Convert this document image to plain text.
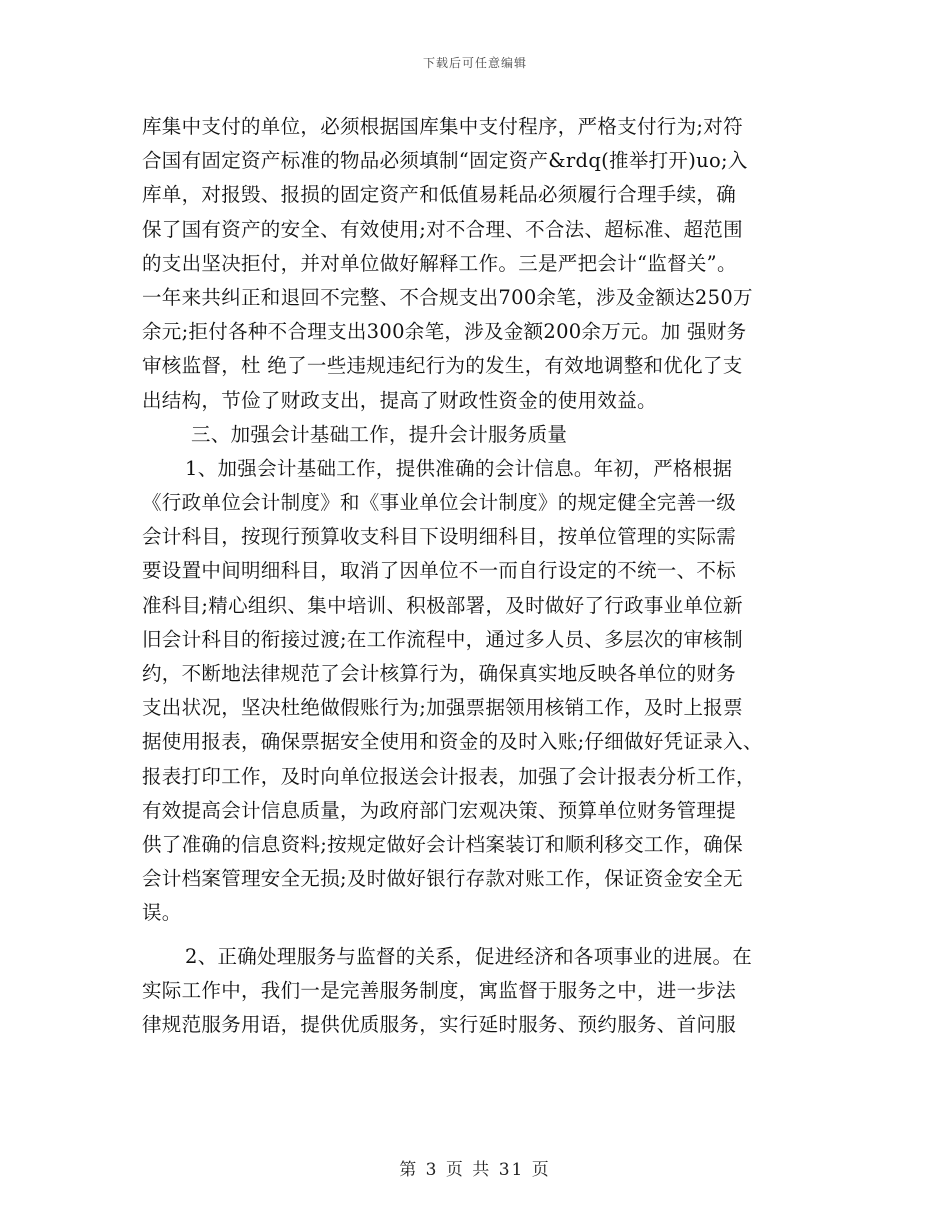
下载后可任意编辑
库集中支付的单位，必须根据国库集中支付程序，严格支付行为;对符
合国有固定资产标准的物品必须填制“固定资产&rdq(推举打开)uo;入
库单，对报毁、报损的固定资产和低值易耗品必须履行合理手续，确
保了国有资产的安全、有效使用;对不合理、不合法、超标准、超范围
的支出坚决拒付，并对单位做好解释工作。三是严把会计“监督关”。
一年来共纠正和退回不完整、不合规支出700余笔，涉及金额达250万
余元;拒付各种不合理支出300余笔，涉及金额200余万元。加 强财务
审核监督，杜 绝了一些违规违纪行为的发生，有效地调整和优化了支
出结构，节俭了财政支出，提高了财政性资金的使用效益。
三、加强会计基础工作，提升会计服务质量
1、加强会计基础工作，提供准确的会计信息。年初，严格根据
《行政单位会计制度》和《事业单位会计制度》的规定健全完善一级
会计科目，按现行预算收支科目下设明细科目，按单位管理的实际需
要设置中间明细科目，取消了因单位不一而自行设定的不统一、不标
准科目;精心组织、集中培训、积极部署，及时做好了行政事业单位新
旧会计科目的衔接过渡;在工作流程中，通过多人员、多层次的审核制
约，不断地法律规范了会计核算行为，确保真实地反映各单位的财务
支出状况，坚决杜绝做假账行为;加强票据领用核销工作，及时上报票
据使用报表，确保票据安全使用和资金的及时入账;仔细做好凭证录入、
报表打印工作，及时向单位报送会计报表，加强了会计报表分析工作，
有效提高会计信息质量，为政府部门宏观决策、预算单位财务管理提
供了准确的信息资料;按规定做好会计档案装订和顺利移交工作，确保
会计档案管理安全无损;及时做好银行存款对账工作，保证资金安全无
误。
2、正确处理服务与监督的关系，促进经济和各项事业的进展。在
实际工作中，我们一是完善服务制度，寓监督于服务之中，进一步法
律规范服务用语，提供优质服务，实行延时服务、预约服务、首问服
第 3 页 共 31 页
